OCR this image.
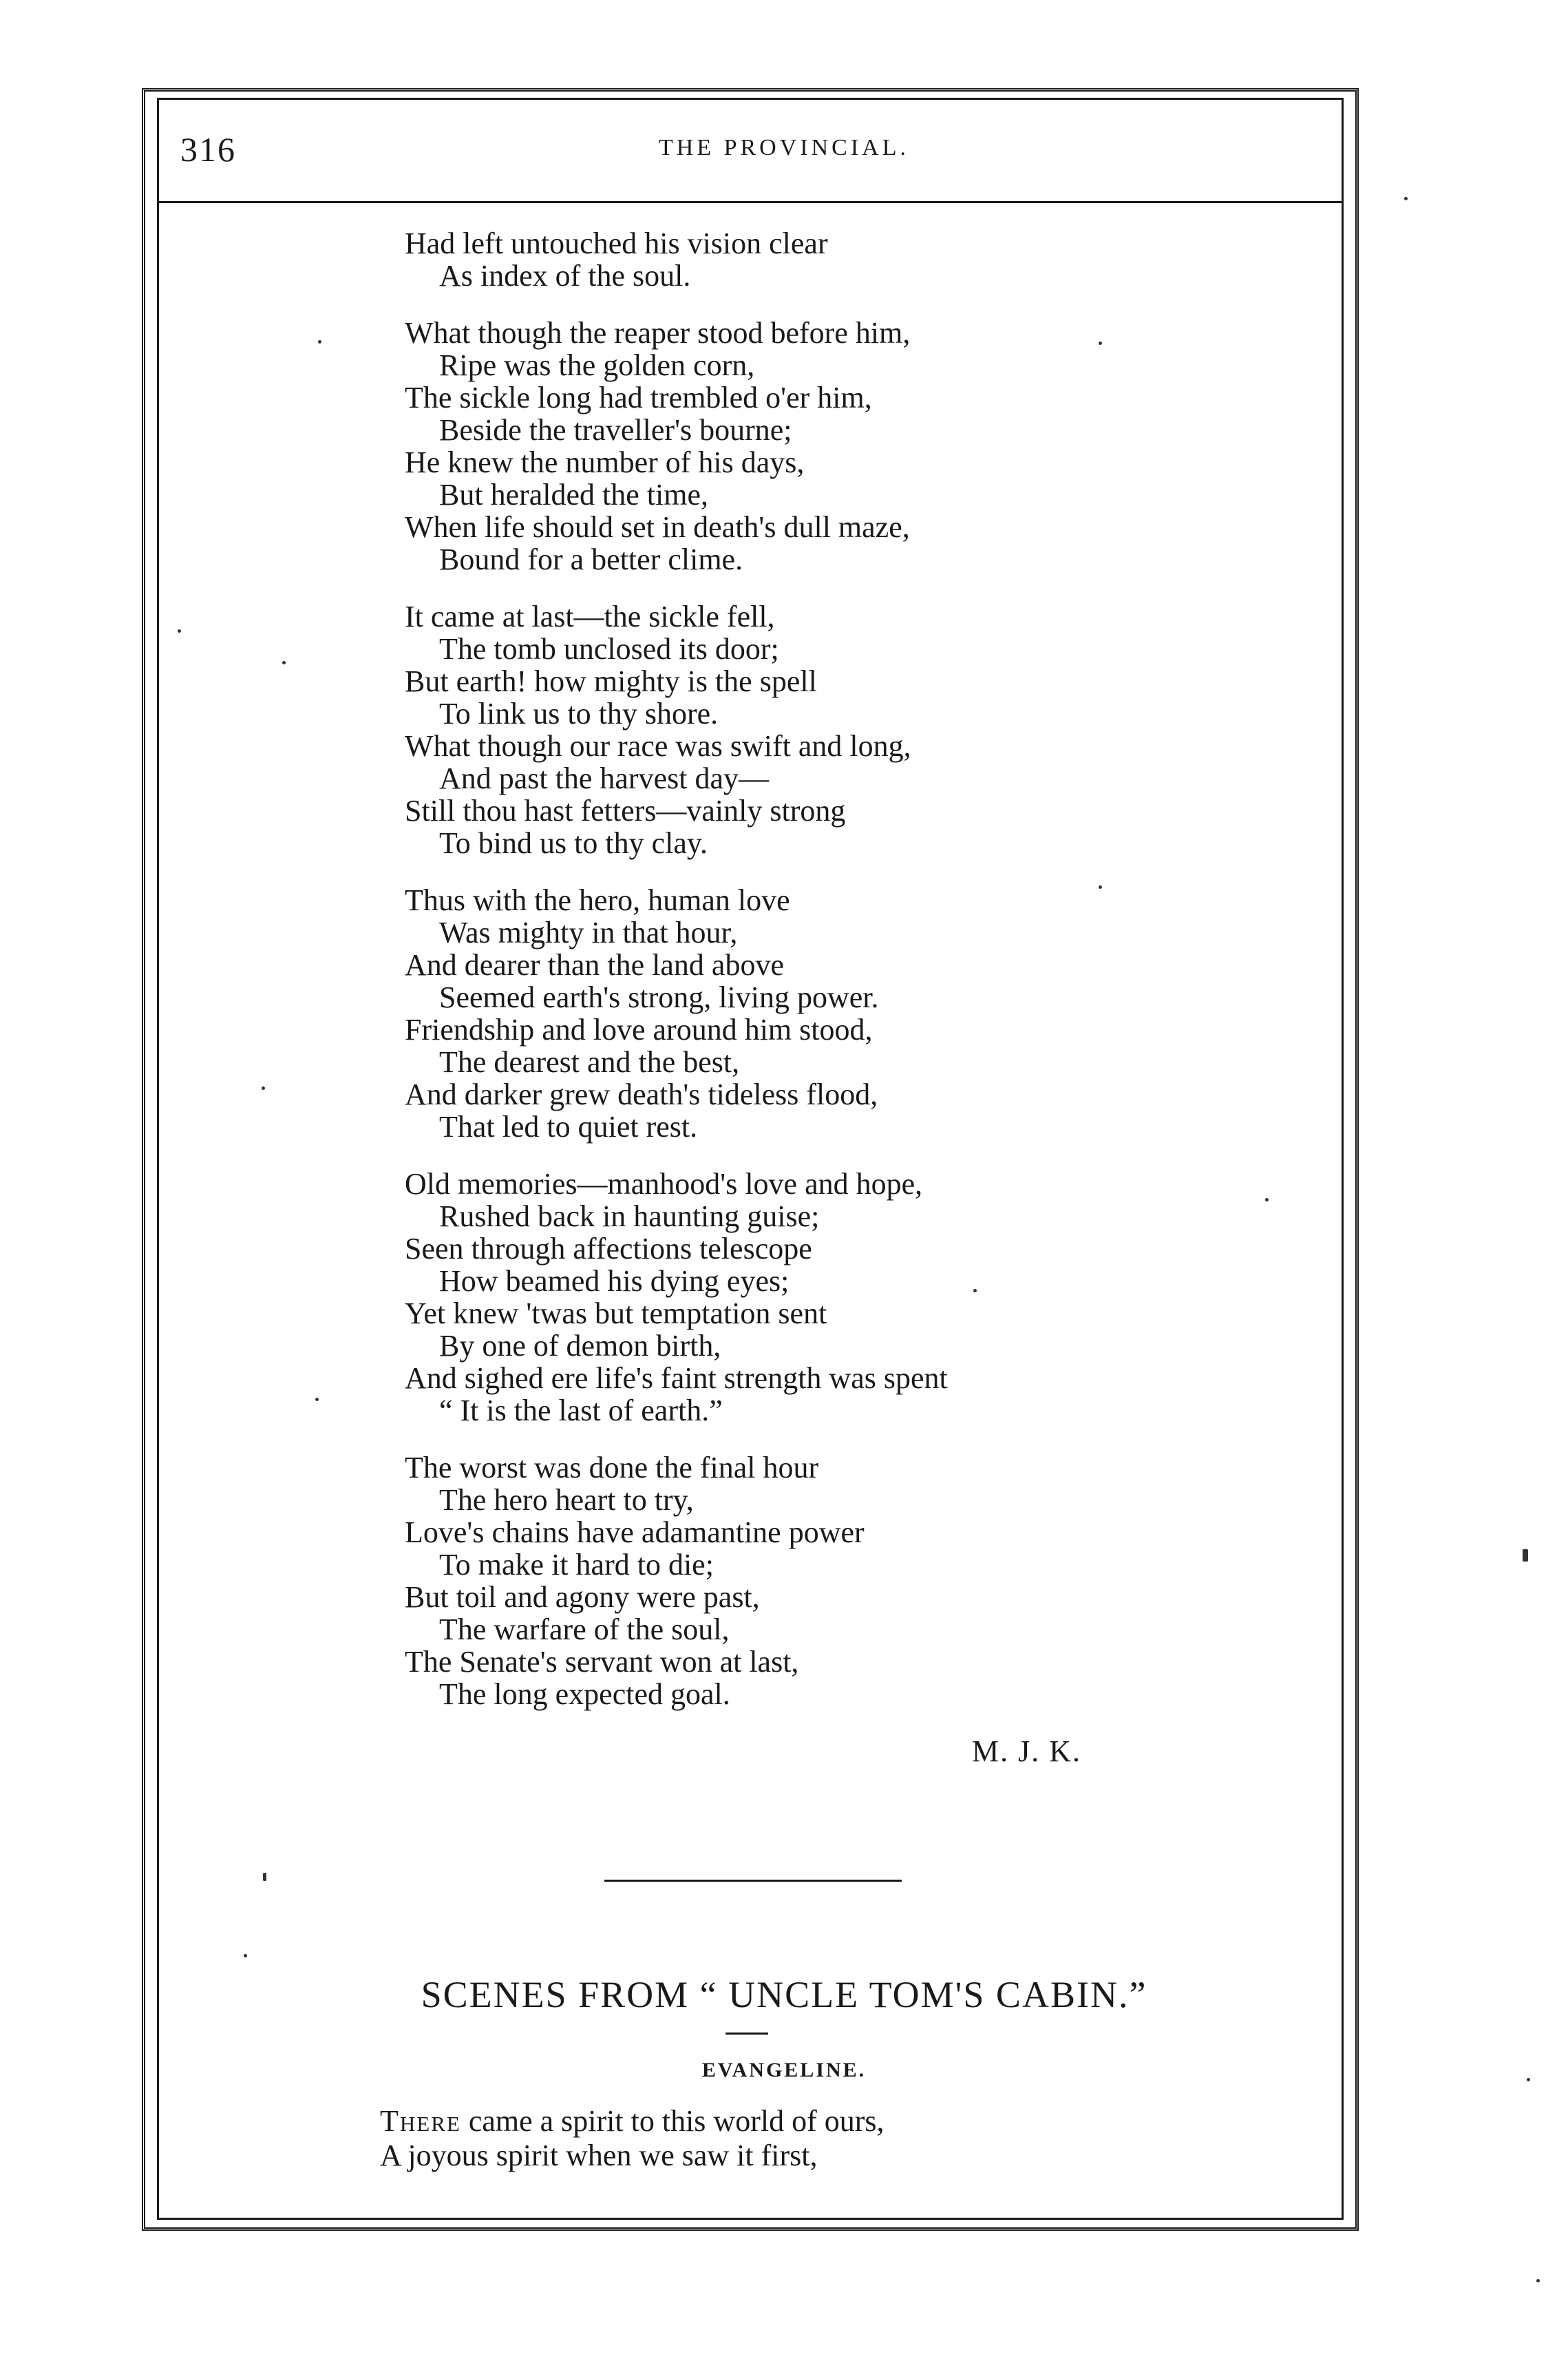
316	THE PROVINCIAL.
Had left untouched his vision clear
As index of the soul.
What though the reaper stood before him,
Ripe was the golden corn,
The sickle long had trembled o'er him,
Beside the traveller's bourne;
He knew the number of his days,
But heralded the time,
When life should set in death's dull maze,
Bound for a better clime.
It came at last—the sickle fell,
The tomb unclosed its door;
But earth! how mighty is the spell
To link us to thy shore.
What though our race was swift and long,
And past the harvest day—
Still thou hast fetters—vainly strong
To bind us to thy clay.
Thus with the hero, human love
Was mighty in that hour,
And dearer than the land above
Seemed earth's strong, living power.
Friendship and love around him stood,
The dearest and the best,
And darker grew death's tideless flood,
That led to quiet rest.
Old memories—manhood's love and hope,
Rushed back in haunting guise;
Seen through affections telescope
How beamed his dying eyes;
Yet knew 'twas but temptation sent
By one of demon birth,
And sighed ere life's faint strength was spent
“ It is the last of earth.”
The worst was done the final hour
The hero heart to try,
Love's chains have adamantine power
To make it hard to die;
But toil and agony were past,
The warfare of the soul,
The Senate's servant won at last,
The long expected goal.
M. J. K.
SCENES FROM “ UNCLE TOM'S CABIN.”
EVANGELINE.
There came a spirit to this world of ours,
A joyous spirit when we saw it first,
